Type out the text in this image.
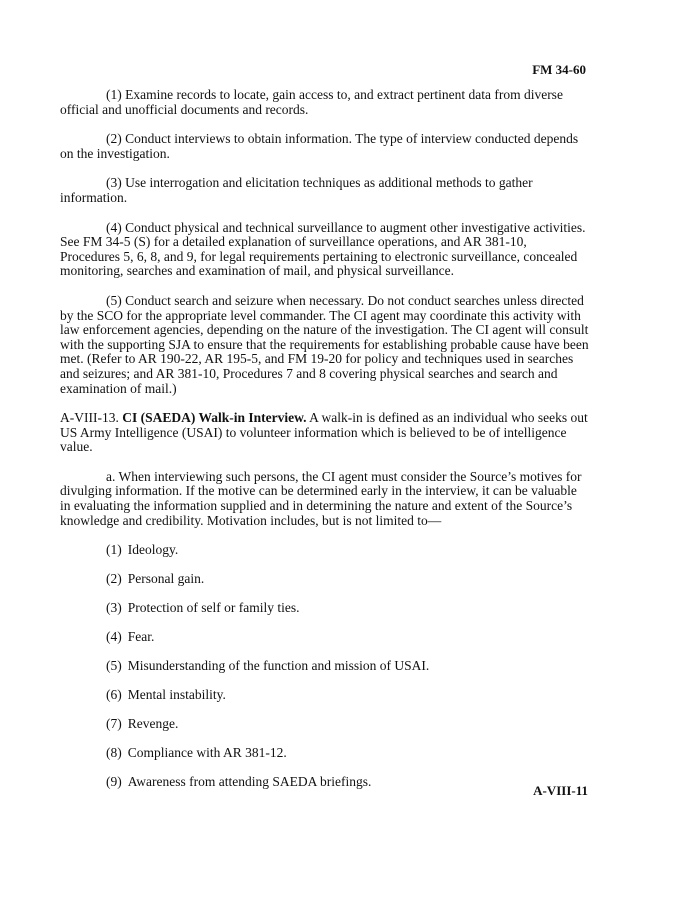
FM 34-60

(1) Examine records to locate, gain access to, and extract pertinent data from diverse official and unofficial documents and records.

(2) Conduct interviews to obtain information. The type of interview conducted depends on the investigation.

(3) Use interrogation and elicitation techniques as additional methods to gather information.

(4) Conduct physical and technical surveillance to augment other investigative activities. See FM 34-5 (S) for a detailed explanation of surveillance operations, and AR 381-10, Procedures 5, 6, 8, and 9, for legal requirements pertaining to electronic surveillance, concealed monitoring, searches and examination of mail, and physical surveillance.

(5) Conduct search and seizure when necessary. Do not conduct searches unless directed by the SCO for the appropriate level commander. The CI agent may coordinate this activity with law enforcement agencies, depending on the nature of the investigation. The CI agent will consult with the supporting SJA to ensure that the requirements for establishing probable cause have been met. (Refer to AR 190-22, AR 195-5, and FM 19-20 for policy and techniques used in searches and seizures; and AR 381-10, Procedures 7 and 8 covering physical searches and search and examination of mail.)

A-VIII-13. CI (SAEDA) Walk-in Interview. A walk-in is defined as an individual who seeks out US Army Intelligence (USAI) to volunteer information which is believed to be of intelligence value.

a. When interviewing such persons, the CI agent must consider the Source’s motives for divulging information. If the motive can be determined early in the interview, it can be valuable in evaluating the information supplied and in determining the nature and extent of the Source’s knowledge and credibility. Motivation includes, but is not limited to—

(1) Ideology.
(2) Personal gain.
(3) Protection of self or family ties.
(4) Fear.
(5) Misunderstanding of the function and mission of USAI.
(6) Mental instability.
(7) Revenge.
(8) Compliance with AR 381-12.
(9) Awareness from attending SAEDA briefings.
A-VIII-11
